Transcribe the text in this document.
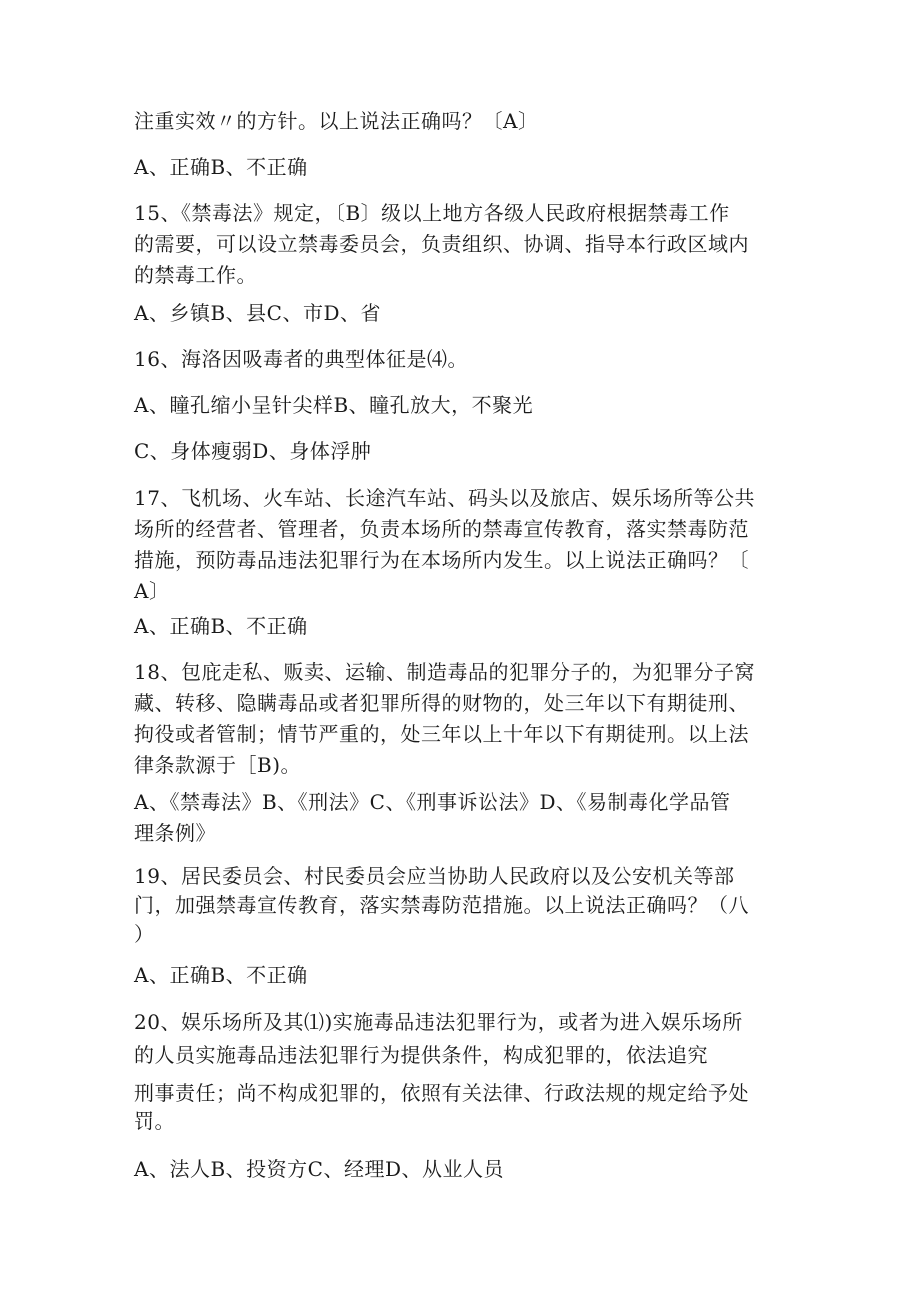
注重实效〃的方针。以上说法正确吗？〔A〕
A、正确B、不正确
15、《禁毒法》规定，〔B〕级以上地方各级人民政府根据禁毒工作
的需要，可以设立禁毒委员会，负责组织、协调、指导本行政区域内
的禁毒工作。
A、乡镇B、县C、市D、省
16、海洛因吸毒者的典型体征是⑷。
A、瞳孔缩小呈针尖样B、瞳孔放大，不聚光
C、身体瘦弱D、身体浮肿
17、飞机场、火车站、长途汽车站、码头以及旅店、娱乐场所等公共
场所的经营者、管理者，负责本场所的禁毒宣传教育，落实禁毒防范
措施，预防毒品违法犯罪行为在本场所内发生。以上说法正确吗？〔
A〕
A、正确B、不正确
18、包庇走私、贩卖、运输、制造毒品的犯罪分子的，为犯罪分子窝
藏、转移、隐瞒毒品或者犯罪所得的财物的，处三年以下有期徒刑、
拘役或者管制；情节严重的，处三年以上十年以下有期徒刑。以上法
律条款源于［B)。
A、《禁毒法》B、《刑法》C、《刑事诉讼法》D、《易制毒化学品管
理条例》
19、居民委员会、村民委员会应当协助人民政府以及公安机关等部
门，加强禁毒宣传教育，落实禁毒防范措施。以上说法正确吗？（八
）
A、正确B、不正确
20、娱乐场所及其⑴)实施毒品违法犯罪行为，或者为进入娱乐场所
的人员实施毒品违法犯罪行为提供条件，构成犯罪的，依法追究
刑事责任；尚不构成犯罪的，依照有关法律、行政法规的规定给予处
罚。
A、法人B、投资方C、经理D、从业人员
